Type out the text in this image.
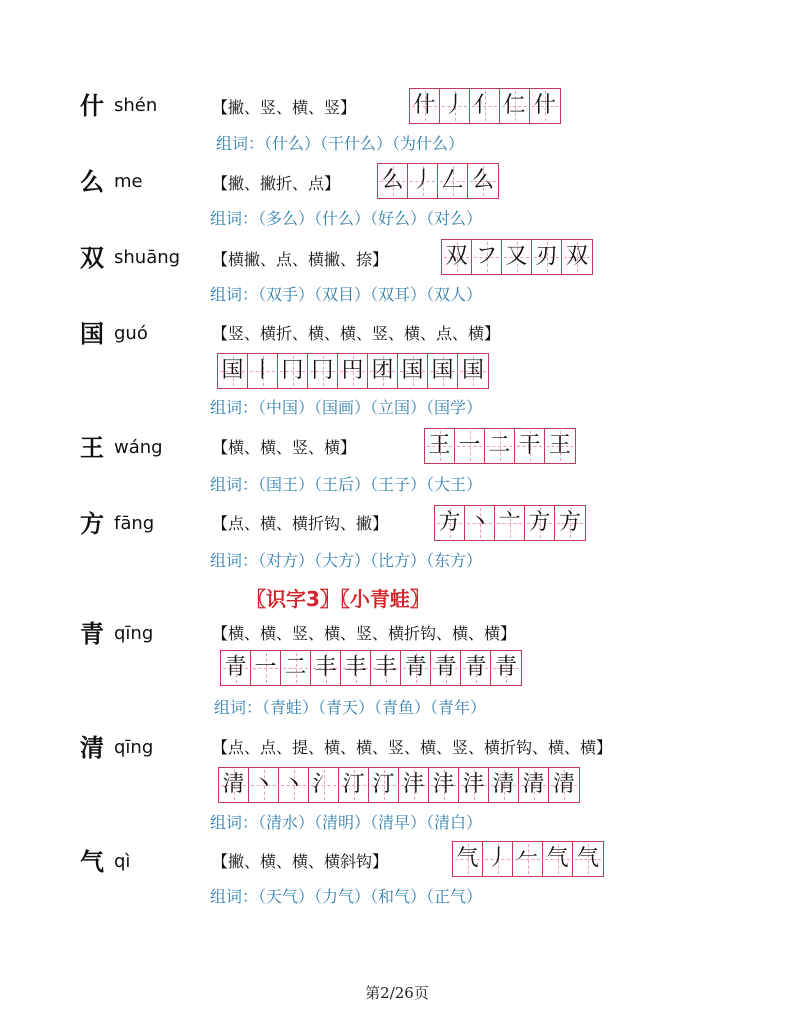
什 shén	【撇、竖、横、竖】	什 丿 亻 仁 什
组词：（什么）（干什么）（为什么）
么 me	【撇、撇折、点】 么 丿 𠃋 么
组词：（多么）（什么）（好么）（对么）
双 shuāng 【横撇、点、横撇、捺】	双 フ 又 刃 双
组词：（双手）（双目）（双耳）（双人）
国 guó	【竖、横折、横、横、竖、横、点、横】
国 丨 冂 冂 円 团 国 国 国
组词：（中国）（国画）（立国）（国学）
王 wáng	【横、横、竖、横】	王 一 二 干 王
组词：（国王）（王后）（王子）（大王）
方 fāng	【点、横、横折钩、撇】 方 丶 亠 方 方
组词：（对方）（大方）（比方）（东方）
〖识字3〗〖小青蛙〗
青 qīng	【横、横、竖、横、竖、横折钩、横、横】
青 一 二 丰 丰 丰 青 青 青 青
组词：（青蛙）（青天）（青鱼）（青年）
清 qīng	【点、点、提、横、横、竖、横、竖、横折钩、横、横】
清 丶 丶 氵 汀 汀 沣 沣 沣 清 清 清
组词：（清水）（清明）（清早）（清白）
气 qì	【撇、横、横、横斜钩】	气 丿 𠂉 气 气
组词：（天气）（力气）（和气）（正气）
第2/26页
